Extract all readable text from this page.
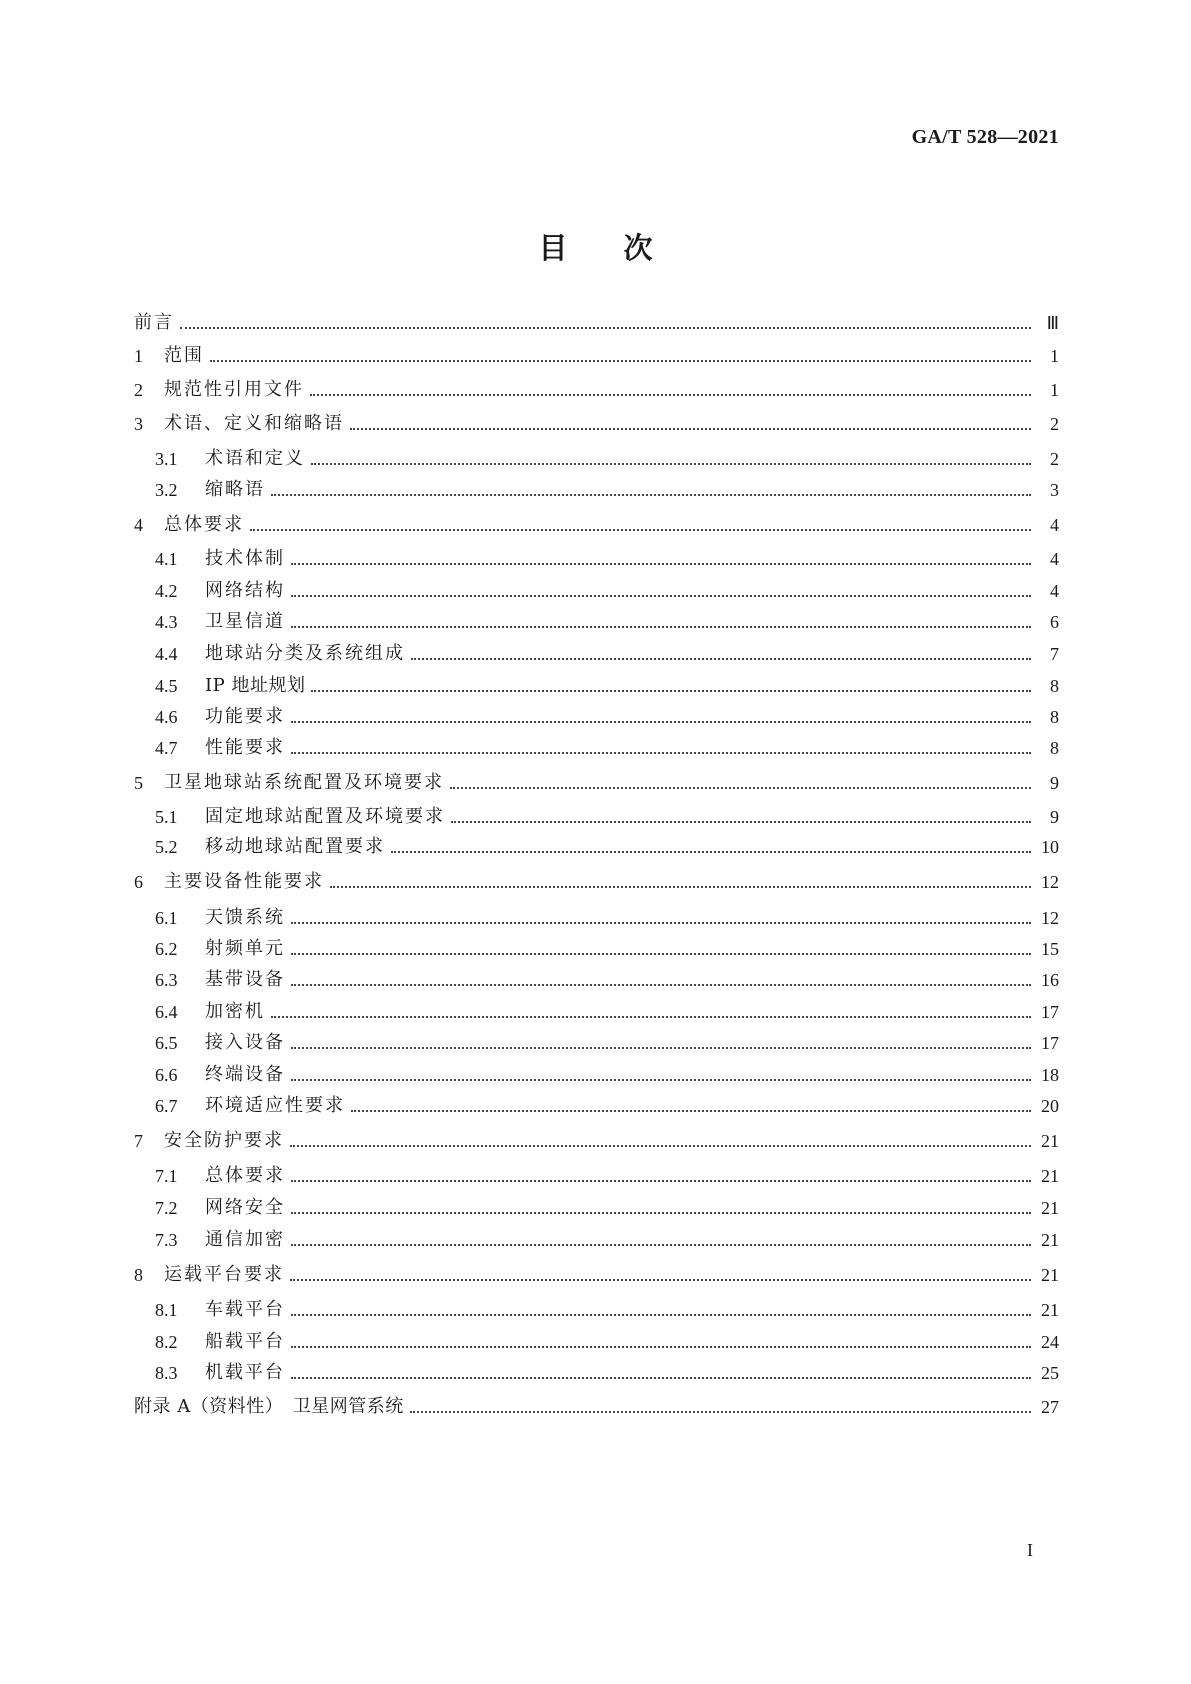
GA/T 528—2021
目 次
前言	Ⅲ
1	范围	1
2	规范性引用文件	1
3	术语、定义和缩略语	2
3.1	术语和定义	2
3.2	缩略语	3
4	总体要求	4
4.1	技术体制	4
4.2	网络结构	4
4.3	卫星信道	6
4.4	地球站分类及系统组成	7
4.5	IP 地址规划	8
4.6	功能要求	8
4.7	性能要求	8
5	卫星地球站系统配置及环境要求	9
5.1	固定地球站配置及环境要求	9
5.2	移动地球站配置要求	10
6	主要设备性能要求	12
6.1	天馈系统	12
6.2	射频单元	15
6.3	基带设备	16
6.4	加密机	17
6.5	接入设备	17
6.6	终端设备	18
6.7	环境适应性要求	20
7	安全防护要求	21
7.1	总体要求	21
7.2	网络安全	21
7.3	通信加密	21
8	运载平台要求	21
8.1	车载平台	21
8.2	船载平台	24
8.3	机载平台	25
附录 A（资料性）　卫星网管系统	27
I
